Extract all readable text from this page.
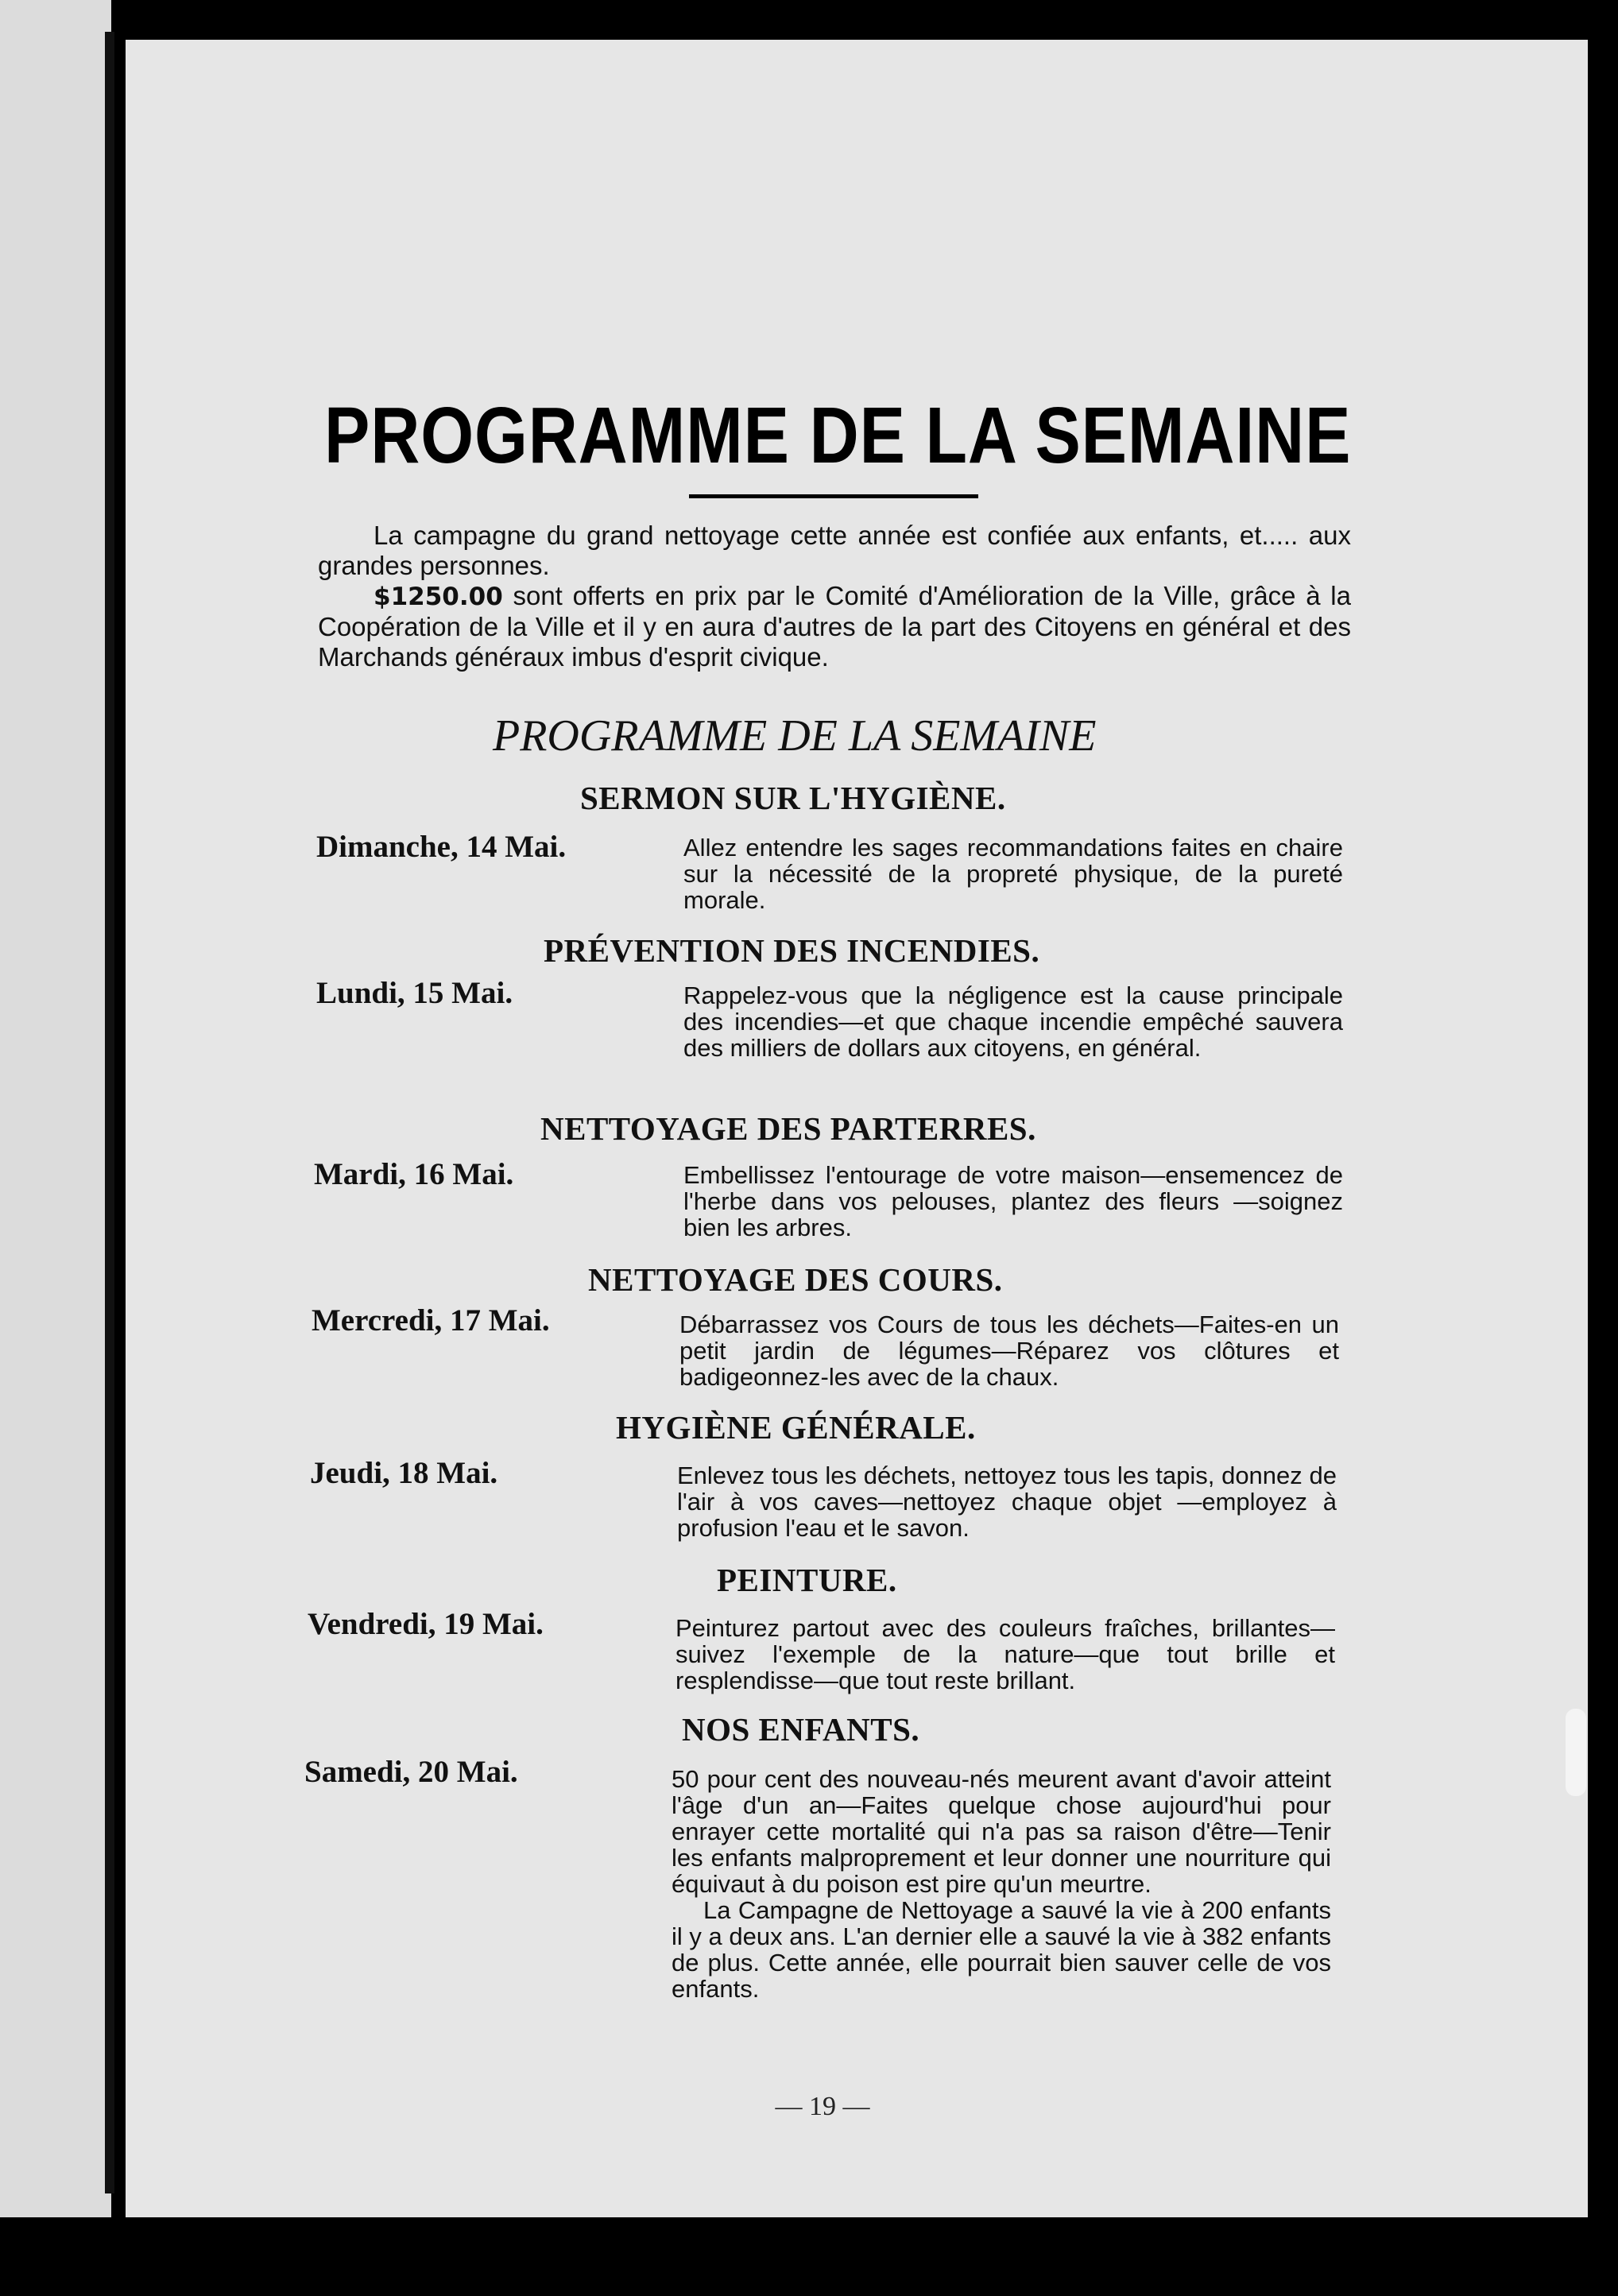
PROGRAMME DE LA SEMAINE

La campagne du grand nettoyage cette année est confiée aux enfants, et..... aux grandes personnes.

$1250.00 sont offerts en prix par le Comité d'Amélioration de la Ville, grâce à la Coopération de la Ville et il y en aura d'autres de la part des Citoyens en général et des Marchands généraux imbus d'esprit civique.

PROGRAMME DE LA SEMAINE
SERMON SUR L'HYGIÈNE.
Dimanche, 14 Mai.	Allez entendre les sages recommandations faites en chaire sur la nécessité de la propreté physique, de la pureté morale.

PRÉVENTION DES INCENDIES.
Lundi, 15 Mai.	Rappelez-vous que la négligence est la cause principale des incendies—et que chaque incendie empêché sauvera des milliers de dollars aux citoyens, en général.

NETTOYAGE DES PARTERRES.
Mardi, 16 Mai.	Embellissez l'entourage de votre maison—ensemencez de l'herbe dans vos pelouses, plantez des fleurs —soignez bien les arbres.

NETTOYAGE DES COURS.
Mercredi, 17 Mai.	Débarrassez vos Cours de tous les déchets—Faites-en un petit jardin de légumes—Réparez vos clôtures et badigeonnez-les avec de la chaux.

HYGIÈNE GÉNÉRALE.
Jeudi, 18 Mai.	Enlevez tous les déchets, nettoyez tous les tapis, donnez de l'air à vos caves—nettoyez chaque objet —employez à profusion l'eau et le savon.

PEINTURE.
Vendredi, 19 Mai.	Peinturez partout avec des couleurs fraîches, brillantes—suivez l'exemple de la nature—que tout brille et resplendisse—que tout reste brillant.

NOS ENFANTS.
Samedi, 20 Mai.	50 pour cent des nouveau-nés meurent avant d'avoir atteint l'âge d'un an—Faites quelque chose aujourd'hui pour enrayer cette mortalité qui n'a pas sa raison d'être—Tenir les enfants malproprement et leur donner une nourriture qui équivaut à du poison est pire qu'un meurtre.

La Campagne de Nettoyage a sauvé la vie à 200 enfants il y a deux ans. L'an dernier elle a sauvé la vie à 382 enfants de plus. Cette année, elle pourrait bien sauver celle de vos enfants.

— 19 —
